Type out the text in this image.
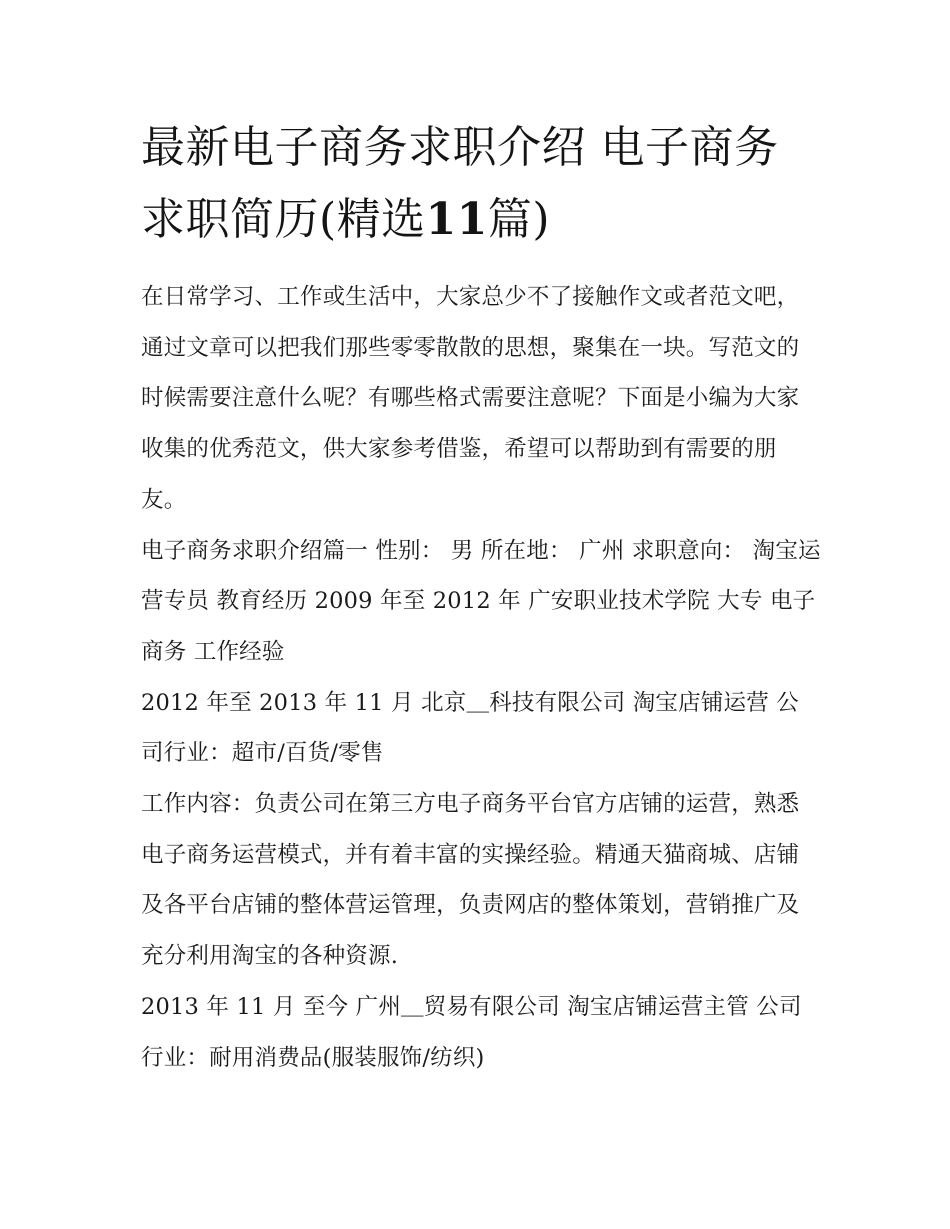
最新电子商务求职介绍 电子商务求职简历(精选11篇)

在日常学习、工作或生活中，大家总少不了接触作文或者范文吧，通过文章可以把我们那些零零散散的思想，聚集在一块。写范文的时候需要注意什么呢？有哪些格式需要注意呢？下面是小编为大家收集的优秀范文，供大家参考借鉴，希望可以帮助到有需要的朋友。

电子商务求职介绍篇一 性别： 男 所在地： 广州 求职意向： 淘宝运营专员 教育经历 2009 年至 2012 年 广安职业技术学院 大专 电子商务 工作经验

2012 年至 2013 年 11 月 北京＿科技有限公司 淘宝店铺运营 公司行业：超市/百货/零售

工作内容：负责公司在第三方电子商务平台官方店铺的运营，熟悉电子商务运营模式，并有着丰富的实操经验。精通天猫商城、店铺及各平台店铺的整体营运管理，负责网店的整体策划，营销推广及充分利用淘宝的各种资源.

2013 年 11 月 至今 广州＿贸易有限公司 淘宝店铺运营主管 公司行业：耐用消费品(服装服饰/纺织)
